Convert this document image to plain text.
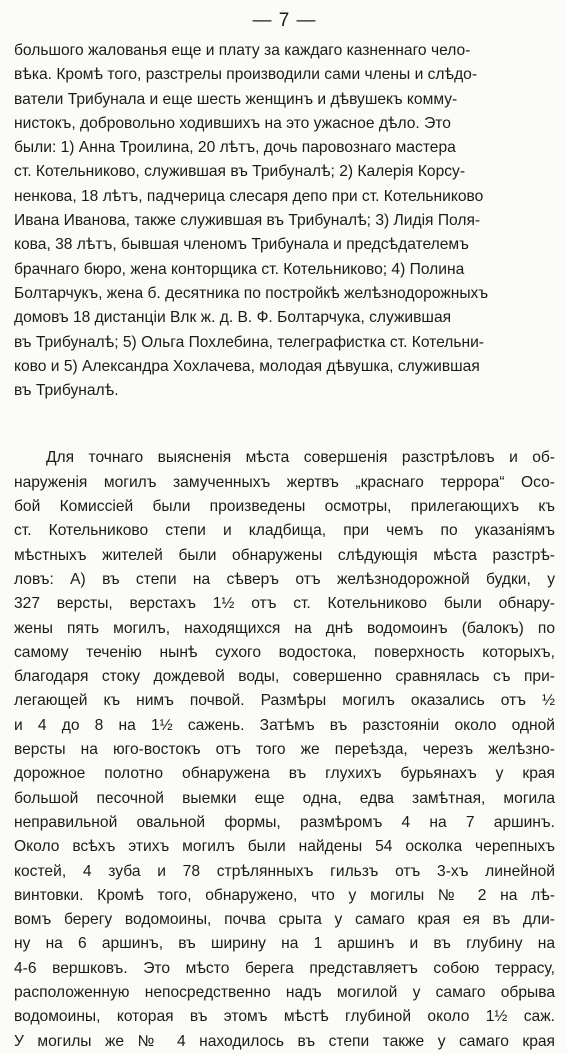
— 7 —

большого жалованья еще и плату за каждаго казненнаго чело-
вѣка. Кромѣ того, разстрелы производили сами члены и слѣдо-
ватели Трибунала и еще шесть женщинъ и дѣвушекъ комму-
нистокъ, добровольно ходившихъ на это ужасное дѣло. Это
были: 1) Анна Троилина, 20 лѣтъ, дочь паровознаго мастера
ст. Котельниково, служившая въ Трибуналѣ; 2) Калерія Корсу-
ненкова, 18 лѣтъ, падчерица слесаря депо при ст. Котельниково
Ивана Иванова, также служившая въ Трибуналѣ; 3) Лидія Поля-
кова, 38 лѣтъ, бывшая членомъ Трибунала и предсѣдателемъ
брачнаго бюро, жена конторщика ст. Котельниково; 4) Полина
Болтарчукъ, жена б. десятника по постройкѣ желѣзнодорожныхъ
домовъ 18 дистанціи Влк ж. д. В. Ф. Болтарчука, служившая
въ Трибуналѣ; 5) Ольга Похлебина, телеграфистка ст. Котельни-
ково и 5) Александра Хохлачева, молодая дѣвушка, служившая
въ Трибуналѣ.

Для точнаго выясненія мѣста совершенія разстрѣловъ и об-
наруженія могилъ замученныхъ жертвъ „краснаго террора“ Осо-
бой Комиссіей были произведены осмотры, прилегающихъ къ
ст. Котельниково степи и кладбища, при чемъ по указаніямъ
мѣстныхъ жителей были обнаружены слѣдующія мѣста разстрѣ-
ловъ: А) въ степи на сѣверъ отъ желѣзнодорожной будки, у
327 версты, верстахъ 1½ отъ ст. Котельниково были обнару-
жены пять могилъ, находящихся на днѣ водомоинъ (балокъ) по
самому теченію нынѣ сухого водостока, поверхность которыхъ,
благодаря стоку дождевой воды, совершенно сравнялась съ при-
легающей къ нимъ почвой. Размѣры могилъ оказались отъ ½
и 4 до 8 на 1½ сажень. Затѣмъ въ разстояніи около одной
версты на юго-востокъ отъ того же переѣзда, черезъ желѣзно-
дорожное полотно обнаружена въ глухихъ бурьянахъ у края
большой песочной выемки еще одна, едва замѣтная, могила
неправильной овальной формы, размѣромъ 4 на 7 аршинъ.
Около всѣхъ этихъ могилъ были найдены 54 осколка черепныхъ
костей, 4 зуба и 78 стрѣлянныхъ гильзъ отъ 3-хъ линейной
винтовки. Кромѣ того, обнаружено, что у могилы № 2 на лѣ-
вомъ берегу водомоины, почва срыта у самаго края ея въ дли-
ну на 6 аршинъ, въ ширину на 1 аршинъ и въ глубину на
4-6 вершковъ. Это мѣсто берега представляетъ собою террасу,
расположенную непосредственно надъ могилой у самаго обрыва
водомоины, которая въ этомъ мѣстѣ глубиной около 1½ саж.
У могилы же № 4 находилось въ степи также у самаго края
